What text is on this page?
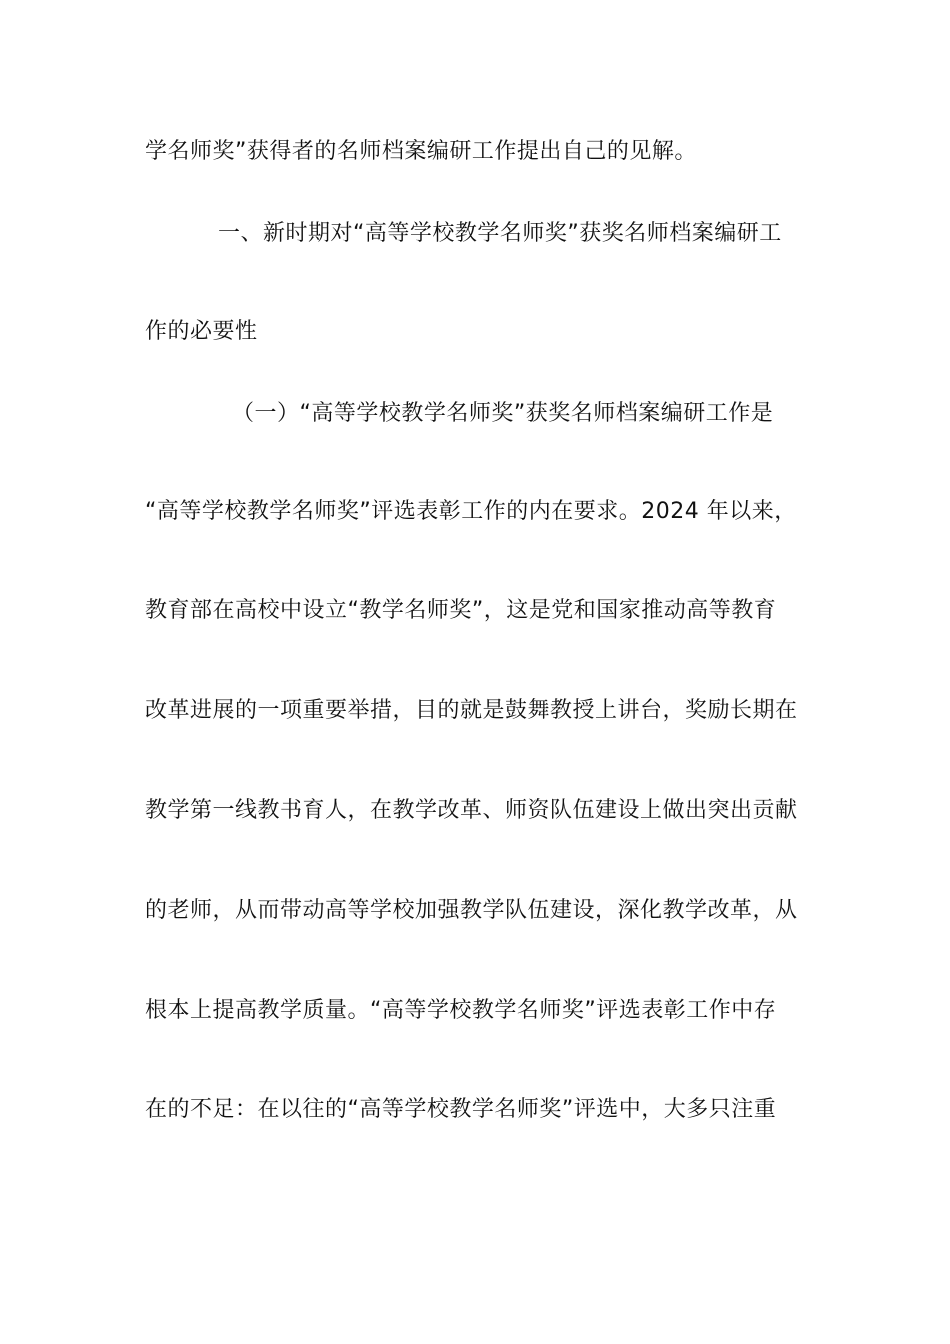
学名师奖”获得者的名师档案编研工作提出自己的见解。
一、新时期对“高等学校教学名师奖”获奖名师档案编研工
作的必要性
（一）“高等学校教学名师奖”获奖名师档案编研工作是
“高等学校教学名师奖”评选表彰工作的内在要求。2024 年以来，
教育部在高校中设立“教学名师奖”，这是党和国家推动高等教育
改革进展的一项重要举措，目的就是鼓舞教授上讲台，奖励长期在
教学第一线教书育人，在教学改革、师资队伍建设上做出突出贡献
的老师，从而带动高等学校加强教学队伍建设，深化教学改革，从
根本上提高教学质量。“高等学校教学名师奖”评选表彰工作中存
在的不足：在以往的“高等学校教学名师奖”评选中，大多只注重
